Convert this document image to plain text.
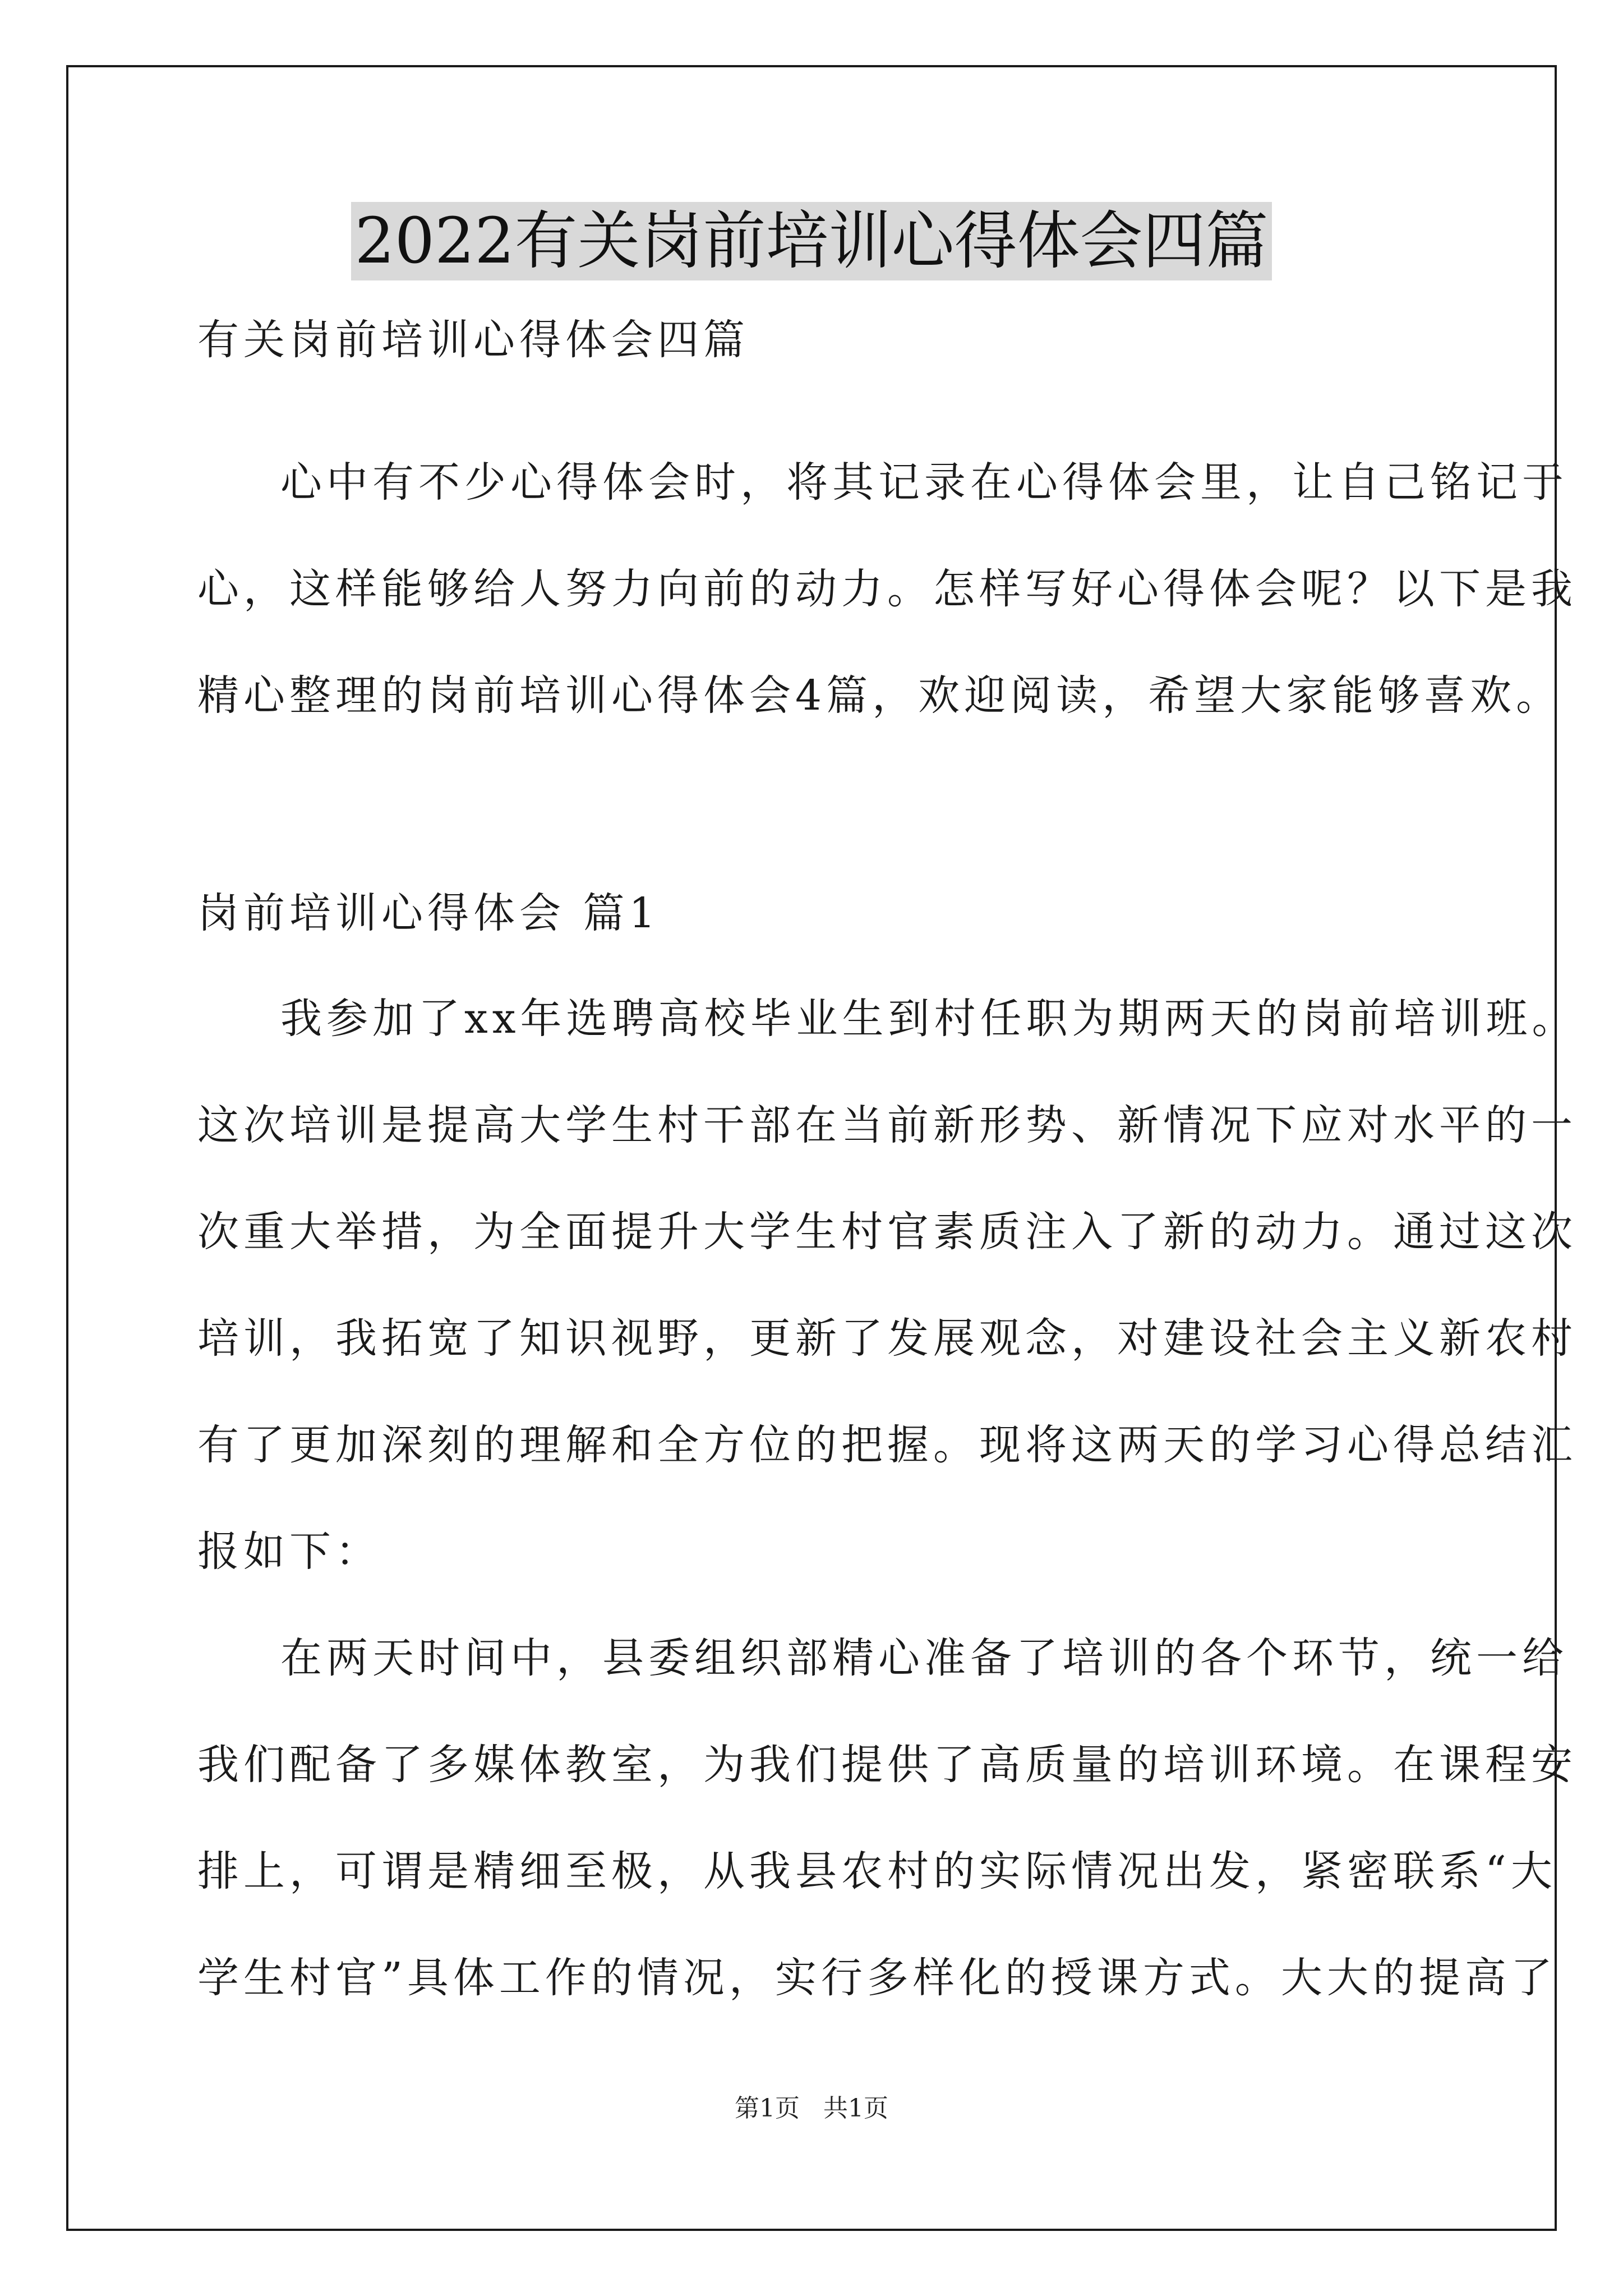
2022有关岗前培训心得体会四篇
有关岗前培训心得体会四篇
心中有不少心得体会时，将其记录在心得体会里，让自己铭记于
心，这样能够给人努力向前的动力。怎样写好心得体会呢？以下是我
精心整理的岗前培训心得体会4篇，欢迎阅读，希望大家能够喜欢。
岗前培训心得体会 篇1
我参加了xx年选聘高校毕业生到村任职为期两天的岗前培训班。
这次培训是提高大学生村干部在当前新形势、新情况下应对水平的一
次重大举措，为全面提升大学生村官素质注入了新的动力。通过这次
培训，我拓宽了知识视野，更新了发展观念，对建设社会主义新农村
有了更加深刻的理解和全方位的把握。现将这两天的学习心得总结汇
报如下：
在两天时间中，县委组织部精心准备了培训的各个环节，统一给
我们配备了多媒体教室，为我们提供了高质量的培训环境。在课程安
排上，可谓是精细至极，从我县农村的实际情况出发，紧密联系“大
学生村官”具体工作的情况，实行多样化的授课方式。大大的提高了
第1页 共1页
